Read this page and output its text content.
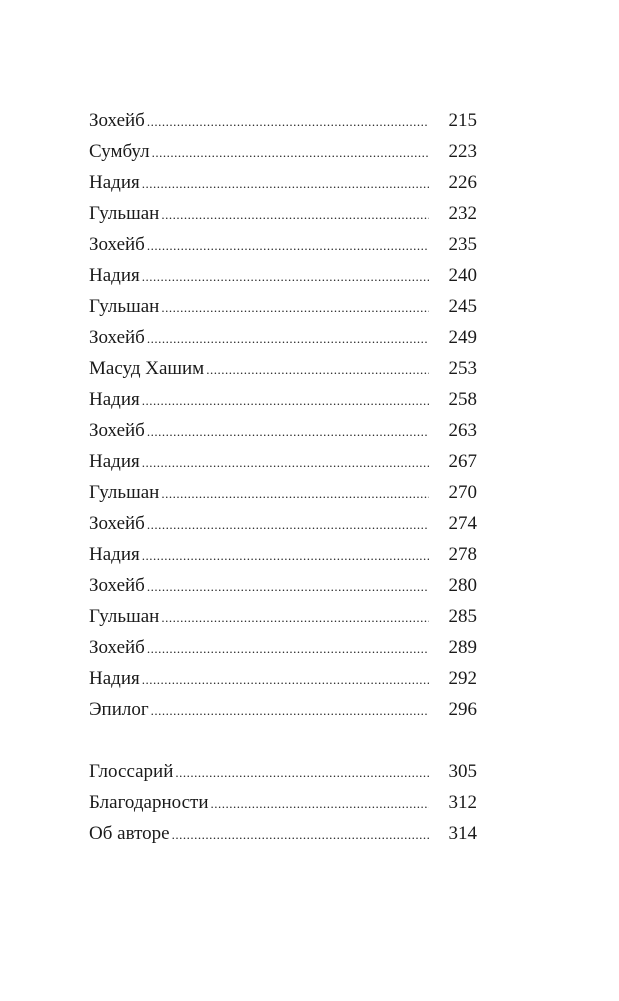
Зохейб .....	215
Сумбул .....	223
Надия .....	226
Гульшан .....	232
Зохейб .....	235
Надия .....	240
Гульшан .....	245
Зохейб .....	249
Масуд Хашим .....	253
Надия .....	258
Зохейб .....	263
Надия .....	267
Гульшан .....	270
Зохейб .....	274
Надия .....	278
Зохейб .....	280
Гульшан .....	285
Зохейб .....	289
Надия .....	292
Эпилог .....	296
Глоссарий .....	305
Благодарности .....	312
Об авторе .....	314
